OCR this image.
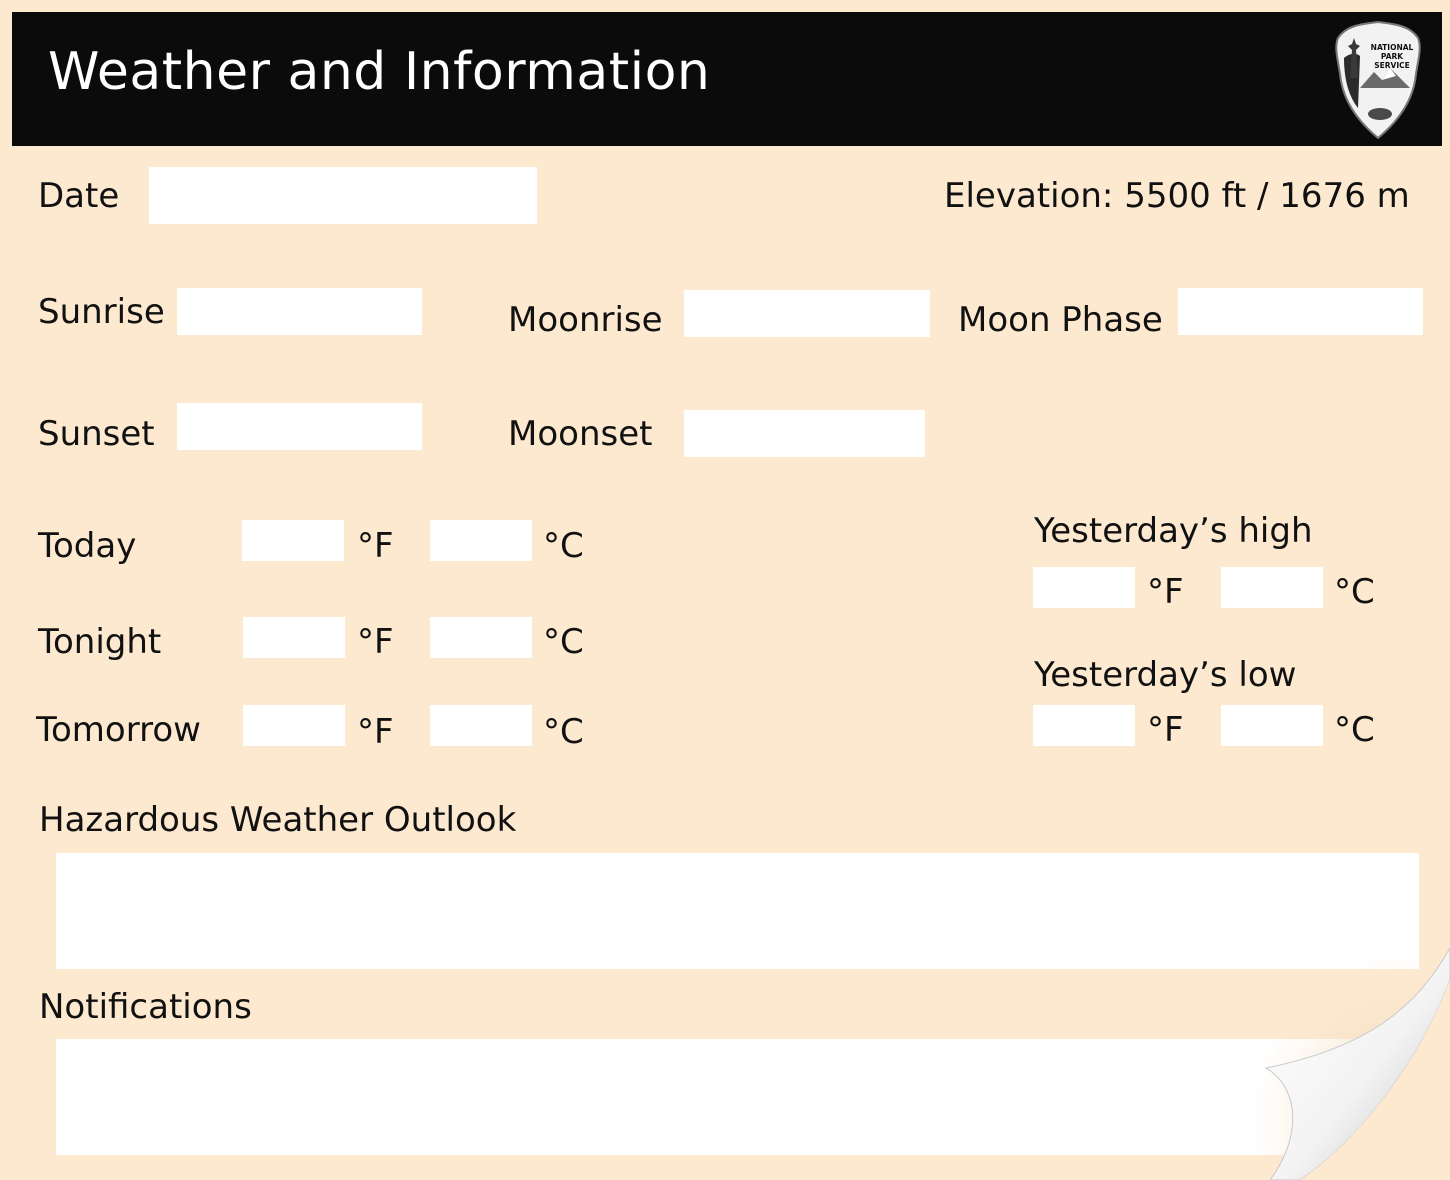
Weather and Information	NATIONAL
PARK
SERVICE
Date	Elevation: 5500 ft / 1676 m
Sunrise	Moonrise	Moon Phase
Sunset	Moonset
Today	°F	°C
Tonight	°F	°C
Tomorrow	°F	°C
Yesterday’s high
°F	°C
Yesterday’s low
°F	°C
Hazardous Weather Outlook
Notifications
